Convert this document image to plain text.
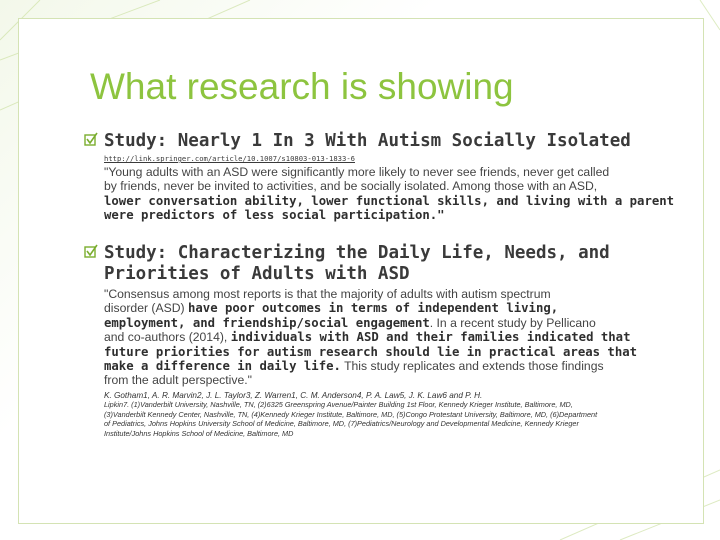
What research is showing
Study: Nearly 1 In 3 With Autism Socially Isolated
http://link.springer.com/article/10.1007/s10803-013-1833-6
"Young adults with an ASD were significantly more likely to never see friends, never get called
by friends, never be invited to activities, and be socially isolated. Among those with an ASD,
lower conversation ability, lower functional skills, and living with a parent
were predictors of less social participation."
Study: Characterizing the Daily Life, Needs, and
Priorities of Adults with ASD
"Consensus among most reports is that the majority of adults with autism spectrum
disorder (ASD) have poor outcomes in terms of independent living,
employment, and friendship/social engagement. In a recent study by Pellicano
and co-authors (2014), individuals with ASD and their families indicated that
future priorities for autism research should lie in practical areas that
make a difference in daily life. This study replicates and extends those findings
from the adult perspective."
K. Gotham1, A. R. Marvin2, J. L. Taylor3, Z. Warren1, C. M. Anderson4, P. A. Law5, J. K. Law6 and P. H.
Lipkin7. (1)Vanderbilt University, Nashville, TN, (2)6325 Greenspring Avenue/Painter Building 1st Floor, Kennedy Krieger Institute, Baltimore, MD,
(3)Vanderbilt Kennedy Center, Nashville, TN, (4)Kennedy Krieger Institute, Baltimore, MD, (5)Congo Protestant University, Baltimore, MD, (6)Department
of Pediatrics, Johns Hopkins University School of Medicine, Baltimore, MD, (7)Pediatrics/Neurology and Developmental Medicine, Kennedy Krieger
Institute/Johns Hopkins School of Medicine, Baltimore, MD
